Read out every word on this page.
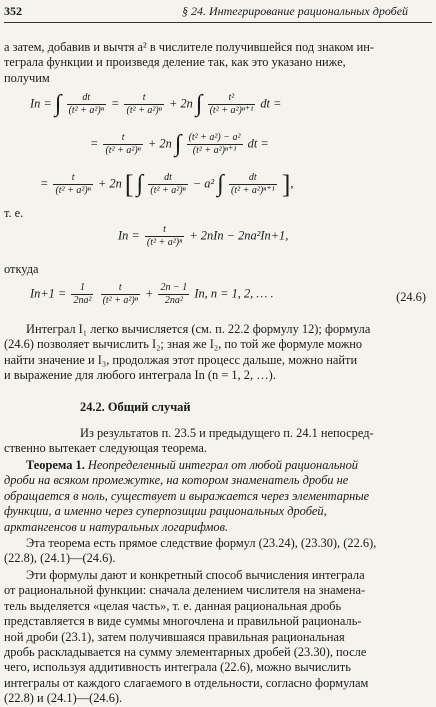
352	§ 24. Интегрирование рациональных дробей

а затем, добавив и вычтя a² в числителе получившейся под знаком ин-

теграла функции и произведя деление так, как это указано ниже,

получим

In = ∫ $\frac{dt}{\text{(t² + a²)ⁿ}} = \frac{t}{\text{(t² + a²)ⁿ}} + 2n$ ∫ $\frac{\text{t²}}{\text{(t² + a²)ⁿ⁺¹}}$ dt =
= $\frac{t}{\text{(t² + a²)ⁿ}} + 2n$ ∫ $\frac{\text{(t² + a²) − a²}}{\text{(t² + a²)ⁿ⁺¹}}$ dt =
= $\frac{t}{\text{(t² + a²)ⁿ}} + 2n$ [ ∫ $\frac{dt}{\text{(t² + a²)ⁿ}} - a^2$ ∫ $\frac{dt}{\text{(t² + a²)ⁿ⁺¹}}$ ],

т. е.

$In = \frac{t}{\text{(t² + a²)ⁿ}} + 2nIn - 2na^2In+1$,

откуда

$In+1 = \frac{1}{\text{2na²}}$
$\frac{t}{\text{(t² + a²)ⁿ}} + \frac{2n - 1}{\text{2na²}} In$, n = 1, 2, … .	(24.6)

Интеграл I₁ легко вычисляется (см. п. 22.2 формулу 12); формула

(24.6) позволяет вычислить I₂; зная же I₂, по той же формуле можно

найти значение и I₃, продолжая этот процесс дальше, можно найти

и выражение для любого интеграла In (n = 1, 2, …).

24.2. Общий случай

Из результатов п. 23.5 и предыдущего п. 24.1 непосред-

ственно вытекает следующая теорема.

Теорема 1. Неопределенный интеграл от любой рациональной

дроби на всяком промежутке, на котором знаменатель дроби не

обращается в ноль, существует и выражается через элементарные

функции, а именно через суперпозиции рациональных дробей,

арктангенсов и натуральных логарифмов.

Эта теорема есть прямое следствие формул (23.24), (23.30), (22.6),

(22.8), (24.1)—(24.6).

Эти формулы дают и конкретный способ вычисления интеграла

от рациональной функции: сначала делением числителя на знамена-

тель выделяется «целая часть», т. е. данная рациональная дробь

представляется в виде суммы многочлена и правильной рациональ-

ной дроби (23.1), затем получившаяся правильная рациональная

дробь раскладывается на сумму элементарных дробей (23.30), после

чего, используя аддитивность интеграла (22.6), можно вычислить

интегралы от каждого слагаемого в отдельности, согласно формулам

(22.8) и (24.1)—(24.6).
